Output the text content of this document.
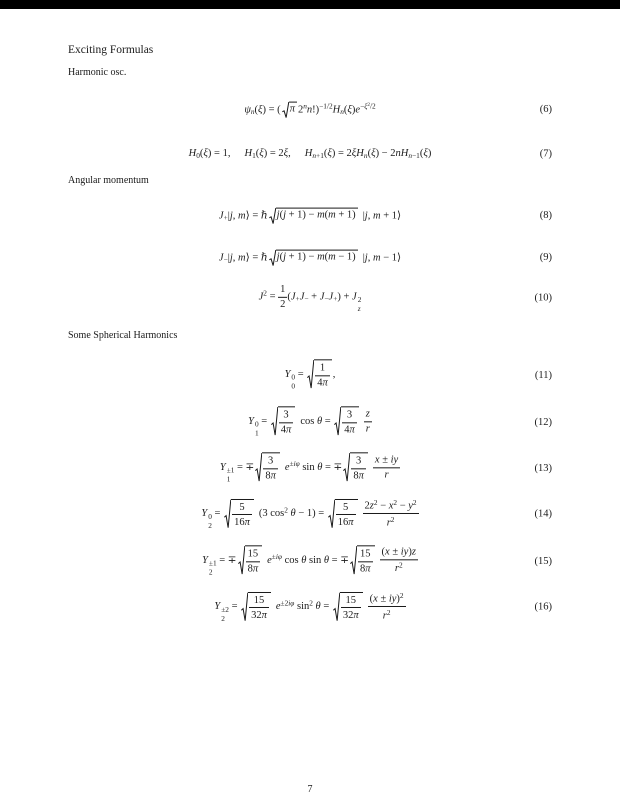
Exciting Formulas
Harmonic osc.
ψn(ξ) = ( π $2^nn!)^{-1/2}Hn(\xi)e^{-\xi^2/2}$	(6)
H0(ξ) = 1, H1(ξ) = 2ξ, Hn+1(ξ) = 2ξHn(ξ) − 2nHn−1(ξ)	(7)
Angular momentum
J+|j, m⟩ = ℏ j(j + 1) − m(m + 1) |j, m + 1⟩	(8)
J−|j, m⟩ = ℏ j(j + 1) − m(m − 1) |j, m − 1⟩	(9)
$J^2 = \frac{1}{2} (J+J- + J-J+) + J$ 2
z
(10)
Some Spherical Harmonics
Y 0
0
= $\frac{1}{4\pi}$ ,	(11)
Y 0
1
= $\frac{3}{4\pi}$ $\cos \theta = \frac{3}{4\pi} \frac{z}{r}$	(12)
Y ±1
1
= ∓ $\frac{3}{8\pi} e^{\pm i\varphi}$ sin θ = ∓ $\frac{3}{8\pi} \frac{x \pm iy}{r}$	(13)
Y 0
2
= $\frac{5}{16\pi} (3$ $\cos^2 \theta - 1) = \frac{5}{16\pi} \frac{2z^2 - x^2 - y^2}{r^2}$	(14)
Y ±1
2
= ∓ $\frac{15}{8\pi} e^{\pm i\varphi}$ cos θ sin θ = ∓ $\frac{15}{8\pi} \frac{(x \pm iy)z}{r^2}$	(15)
Y ±2
2
= $\frac{15}{32\pi} e^{\pm 2i\varphi}$ $\sin^2 \theta = \frac{15}{32\pi} \frac{(x \pm iy)^2}{r^2}$	(16)
7
